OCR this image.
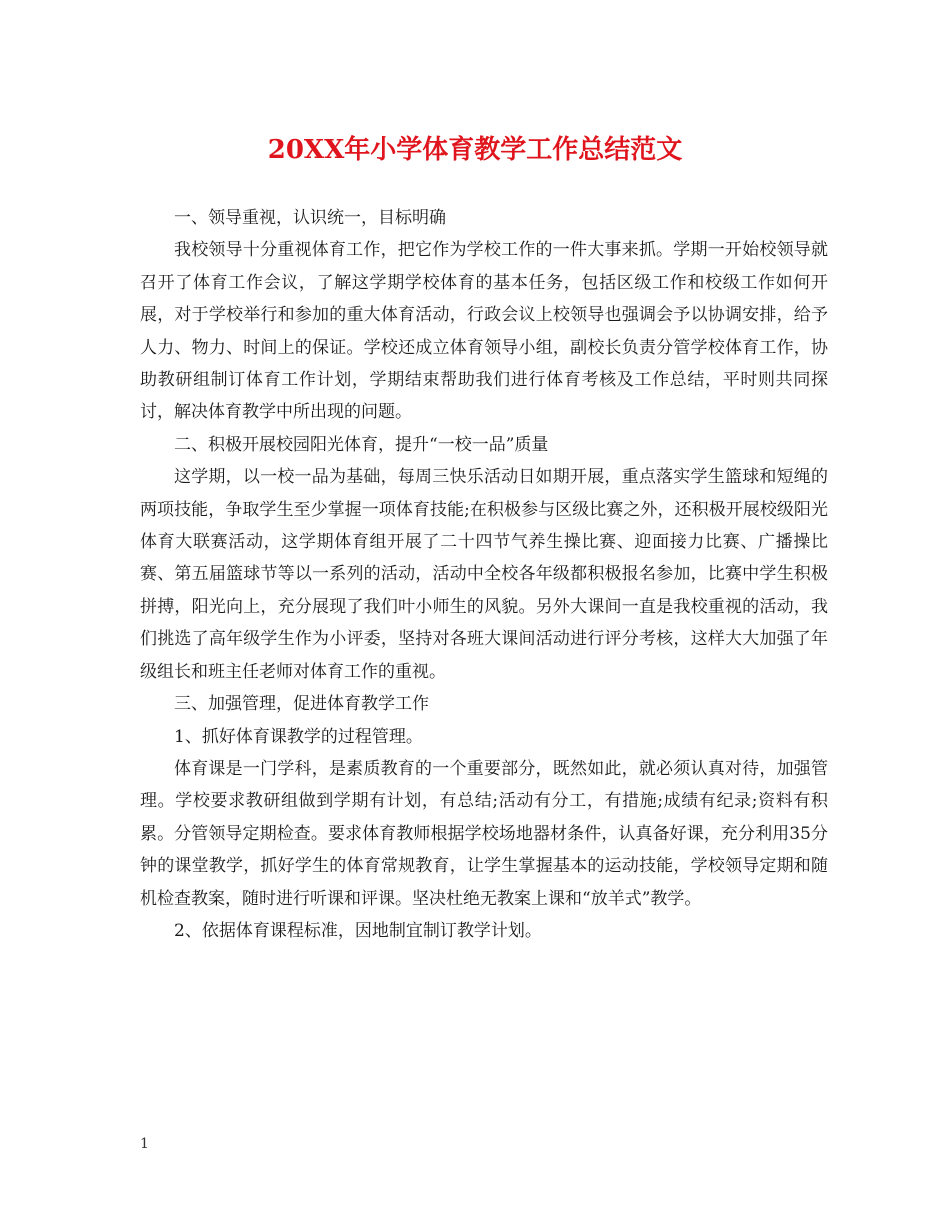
20XX年小学体育教学工作总结范文

一、领导重视，认识统一，目标明确

我校领导十分重视体育工作，把它作为学校工作的一件大事来抓。学期一开始校领导就召开了体育工作会议，了解这学期学校体育的基本任务，包括区级工作和校级工作如何开展，对于学校举行和参加的重大体育活动，行政会议上校领导也强调会予以协调安排，给予人力、物力、时间上的保证。学校还成立体育领导小组，副校长负责分管学校体育工作，协助教研组制订体育工作计划，学期结束帮助我们进行体育考核及工作总结，平时则共同探讨，解决体育教学中所出现的问题。

二、积极开展校园阳光体育，提升“一校一品”质量

这学期，以一校一品为基础，每周三快乐活动日如期开展，重点落实学生篮球和短绳的两项技能，争取学生至少掌握一项体育技能;在积极参与区级比赛之外，还积极开展校级阳光体育大联赛活动，这学期体育组开展了二十四节气养生操比赛、迎面接力比赛、广播操比赛、第五届篮球节等以一系列的活动，活动中全校各年级都积极报名参加，比赛中学生积极拼搏，阳光向上，充分展现了我们叶小师生的风貌。另外大课间一直是我校重视的活动，我们挑选了高年级学生作为小评委，坚持对各班大课间活动进行评分考核，这样大大加强了年级组长和班主任老师对体育工作的重视。

三、加强管理，促进体育教学工作

1、抓好体育课教学的过程管理。

体育课是一门学科，是素质教育的一个重要部分，既然如此，就必须认真对待，加强管理。学校要求教研组做到学期有计划，有总结;活动有分工，有措施;成绩有纪录;资料有积累。分管领导定期检查。要求体育教师根据学校场地器材条件，认真备好课，充分利用35分钟的课堂教学，抓好学生的体育常规教育，让学生掌握基本的运动技能，学校领导定期和随机检查教案，随时进行听课和评课。坚决杜绝无教案上课和“放羊式”教学。

2、依据体育课程标准，因地制宜制订教学计划。

1
